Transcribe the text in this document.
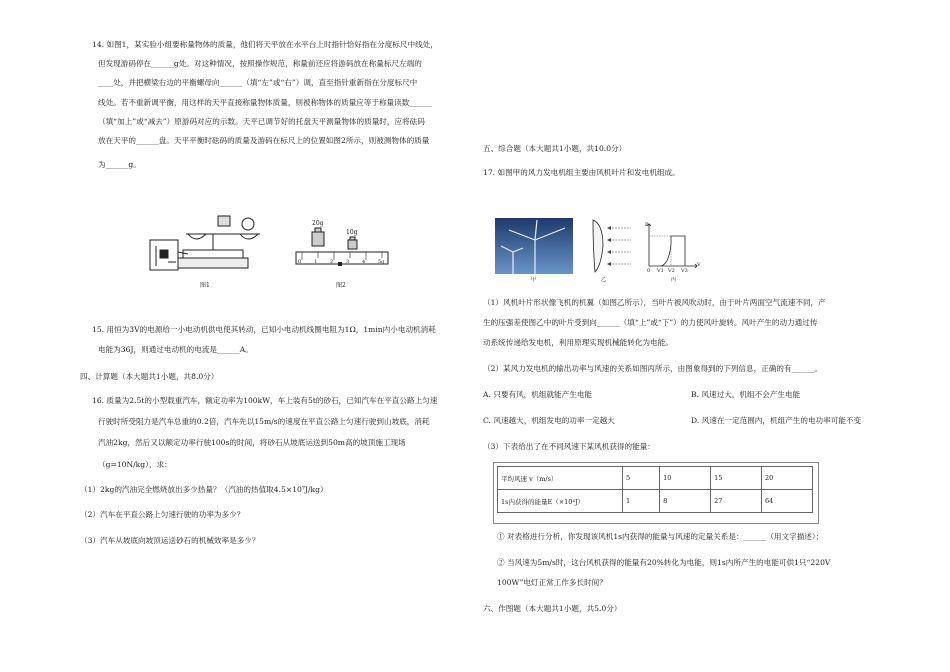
14. 如图1，某实验小组要称量物体的质量，他们将天平放在水平台上时指针恰好指在分度标尺中线处，
但发现游码停在______g处。对这种情况，按照操作规范，称量前还应将游码放在称量标尺左端的
____处，并把横梁右边的平衡螺母向______（填“左”或“右”）调，直至指针重新指在分度标尺中
线处。若不重新调平衡，用这样的天平直接称量物体质量，则被称物体的质量应等于称量读数______
（填“加上”或“减去”）原游码对应的示数。天平已调节好的托盘天平测量物体的质量时，应将砝码
放在天平的______盘。天平平衡时砝码的质量及游码在标尺上的位置如图2所示，则被测物体的质量
为______g。
图1
20g
10g
0	1	2	3	4	5g
图2
15. 用恒为3V的电源给一小电动机供电使其转动，已知小电动机线圈电阻为1Ω，1min内小电动机消耗
电能为36J，则通过电动机的电流是______A。
四、计算题（本大题共1小题，共8.0分）
16. 质量为2.5t的小型载重汽车，额定功率为100kW，车上装有5t的砂石，已知汽车在平直公路上匀速
行驶时所受阻力是汽车总重的0.2倍，汽车先以15m/s的速度在平直公路上匀速行驶到山坡底，消耗
汽油2kg，然后又以额定功率行驶100s的时间，将砂石从坡底运送到50m高的坡顶施工现场
（g=10N/kg），求：
（1）2kg的汽油完全燃烧放出多少热量？（汽油的热值取4.5×10⁷J/kg）
（2）汽车在平直公路上匀速行驶的功率为多少？
（3）汽车从坡底向坡顶运送砂石的机械效率是多少？
五、综合题（本大题共1小题，共10.0分）
17. 如图甲的风力发电机组主要由风机叶片和发电机组成。
甲	乙
P
V
0 V1 V2 V3
丙
（1）风机叶片形状像飞机的机翼（如图乙所示），当叶片被风吹动时，由于叶片两面空气流速不同，产
生的压强差使图乙中的叶片受到向______（填“上”或“下”）的力使风叶旋转。风叶产生的动力通过传
动系统传递给发电机，利用原理实现机械能转化为电能。
（2）某风力发电机的输出功率与风速的关系如图丙所示，由图象得到的下列信息，正确的有______。
A. 只要有风，机组就能产生电能	B. 风速过大，机组不会产生电能
C. 风速越大，机组发电的功率一定越大	D. 风速在一定范围内，机组产生的电功率可能不变
（3）下表给出了在不同风速下某风机获得的能量：
平均风速 v（m/s）	5	10	15	20
1s内获得的能量E（×10⁴J）	1	8	27	64
① 对表格进行分析，你发现该风机1s内获得的能量与风速的定量关系是：______（用文字描述）；
② 当风速为5m/s时，这台风机获得的能量有20%转化为电能，则1s内所产生的电能可供1只“220V
100W”电灯正常工作多长时间？
六、作图题（本大题共1小题，共5.0分）
